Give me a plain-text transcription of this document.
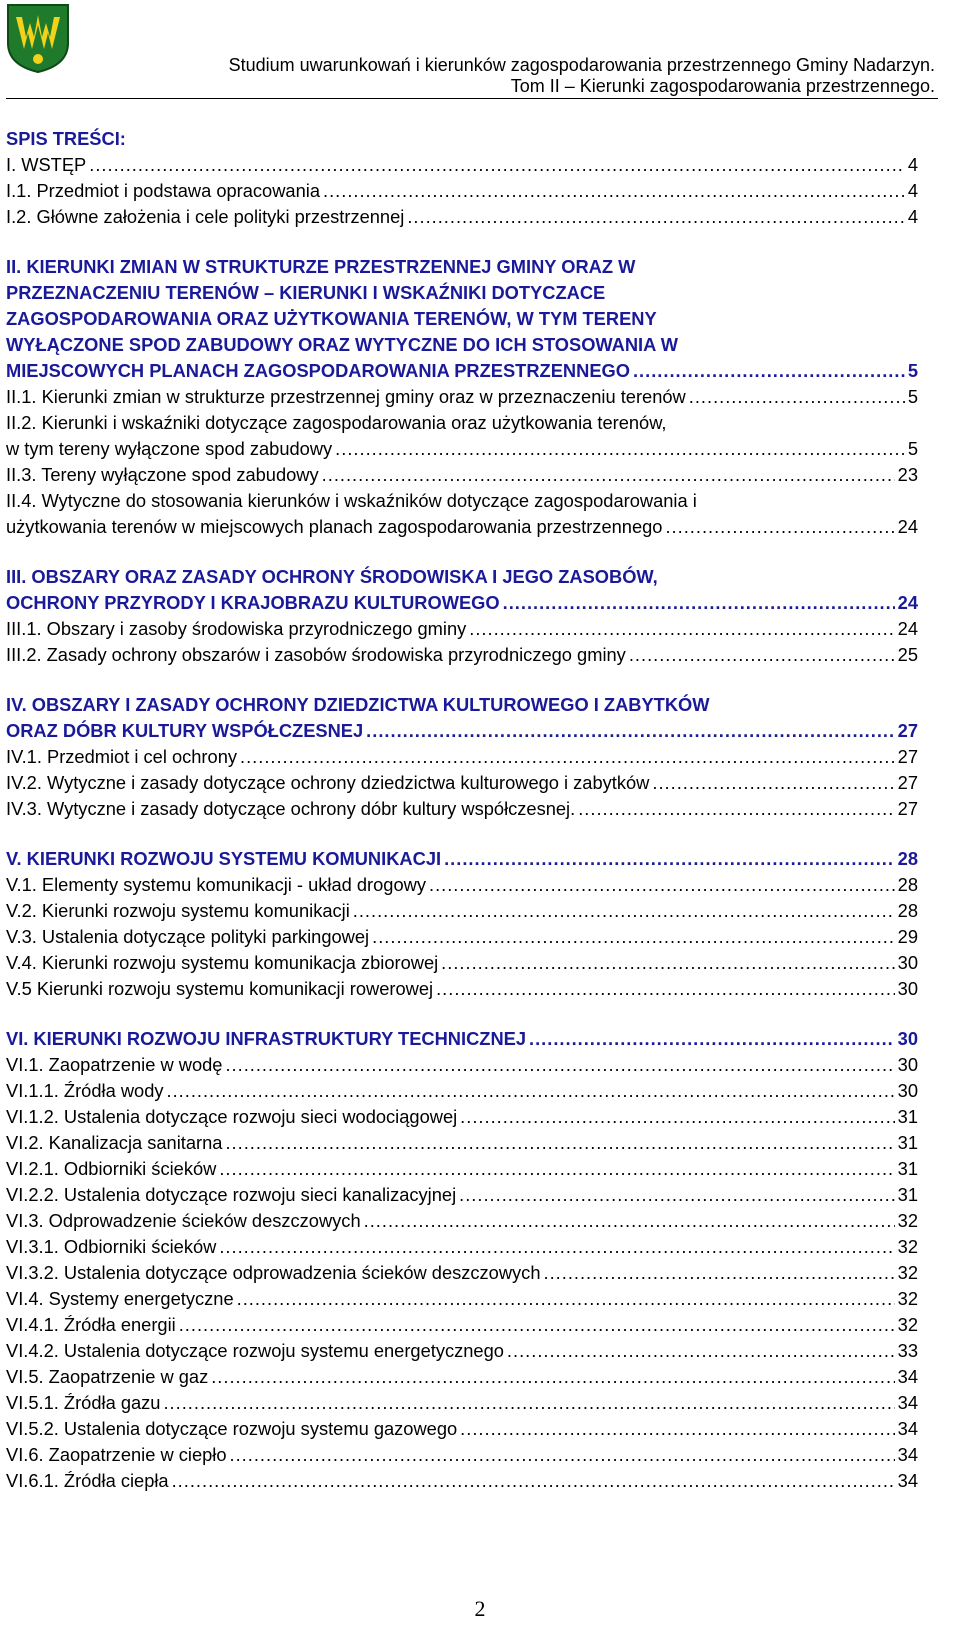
Studium uwarunkowań i kierunków zagospodarowania przestrzennego Gminy Nadarzyn.
Tom II – Kierunki zagospodarowania przestrzennego.
SPIS TREŚCI:
I. WSTĘP .....	4
I.1. Przedmiot i podstawa opracowania .....	4
I.2. Główne założenia i cele polityki przestrzennej .....	4
II. KIERUNKI ZMIAN W STRUKTURZE PRZESTRZENNEJ GMINY ORAZ W
PRZEZNACZENIU TERENÓW – KIERUNKI I WSKAŹNIKI DOTYCZACE
ZAGOSPODAROWANIA ORAZ UŻYTKOWANIA TERENÓW, W TYM TERENY
WYŁĄCZONE SPOD ZABUDOWY ORAZ WYTYCZNE DO ICH STOSOWANIA W
MIEJSCOWYCH PLANACH ZAGOSPODAROWANIA PRZESTRZENNEGO .....	5
II.1. Kierunki zmian w strukturze przestrzennej gminy oraz w przeznaczeniu terenów .....	5
II.2. Kierunki i wskaźniki dotyczące zagospodarowania oraz użytkowania terenów,
w tym tereny wyłączone spod zabudowy .....	5
II.3. Tereny wyłączone spod zabudowy .....	23
II.4. Wytyczne do stosowania kierunków i wskaźników dotyczące zagospodarowania i
użytkowania terenów w miejscowych planach zagospodarowania przestrzennego .....	24
III. OBSZARY ORAZ ZASADY OCHRONY ŚRODOWISKA I JEGO ZASOBÓW,
OCHRONY PRZYRODY I KRAJOBRAZU KULTUROWEGO .....	24
III.1. Obszary i zasoby środowiska przyrodniczego gminy .....	24
III.2. Zasady ochrony obszarów i zasobów środowiska przyrodniczego gminy .....	25
IV. OBSZARY I ZASADY OCHRONY DZIEDZICTWA KULTUROWEGO I ZABYTKÓW
ORAZ DÓBR KULTURY WSPÓŁCZESNEJ .....	27
IV.1. Przedmiot i cel ochrony .....	27
IV.2. Wytyczne i zasady dotyczące ochrony dziedzictwa kulturowego i zabytków .....	27
IV.3. Wytyczne i zasady dotyczące ochrony dóbr kultury współczesnej. .....	27
V. KIERUNKI ROZWOJU SYSTEMU KOMUNIKACJI .....	28
V.1. Elementy systemu komunikacji - układ drogowy .....	28
V.2. Kierunki rozwoju systemu komunikacji .....	28
V.3. Ustalenia dotyczące polityki parkingowej .....	29
V.4. Kierunki rozwoju systemu komunikacja zbiorowej .....	30
V.5 Kierunki rozwoju systemu komunikacji rowerowej .....	30
VI. KIERUNKI ROZWOJU INFRASTRUKTURY TECHNICZNEJ .....	30
VI.1. Zaopatrzenie w wodę .....	30
VI.1.1. Źródła wody .....	30
VI.1.2. Ustalenia dotyczące rozwoju sieci wodociągowej .....	31
VI.2. Kanalizacja sanitarna .....	31
VI.2.1. Odbiorniki ścieków .....	31
VI.2.2. Ustalenia dotyczące rozwoju sieci kanalizacyjnej .....	31
VI.3. Odprowadzenie ścieków deszczowych .....	32
VI.3.1. Odbiorniki ścieków .....	32
VI.3.2. Ustalenia dotyczące odprowadzenia ścieków deszczowych .....	32
VI.4. Systemy energetyczne .....	32
VI.4.1. Źródła energii .....	32
VI.4.2. Ustalenia dotyczące rozwoju systemu energetycznego .....	33
VI.5. Zaopatrzenie w gaz .....	34
VI.5.1. Źródła gazu .....	34
VI.5.2. Ustalenia dotyczące rozwoju systemu gazowego .....	34
VI.6. Zaopatrzenie w ciepło .....	34
VI.6.1. Źródła ciepła .....	34
2
